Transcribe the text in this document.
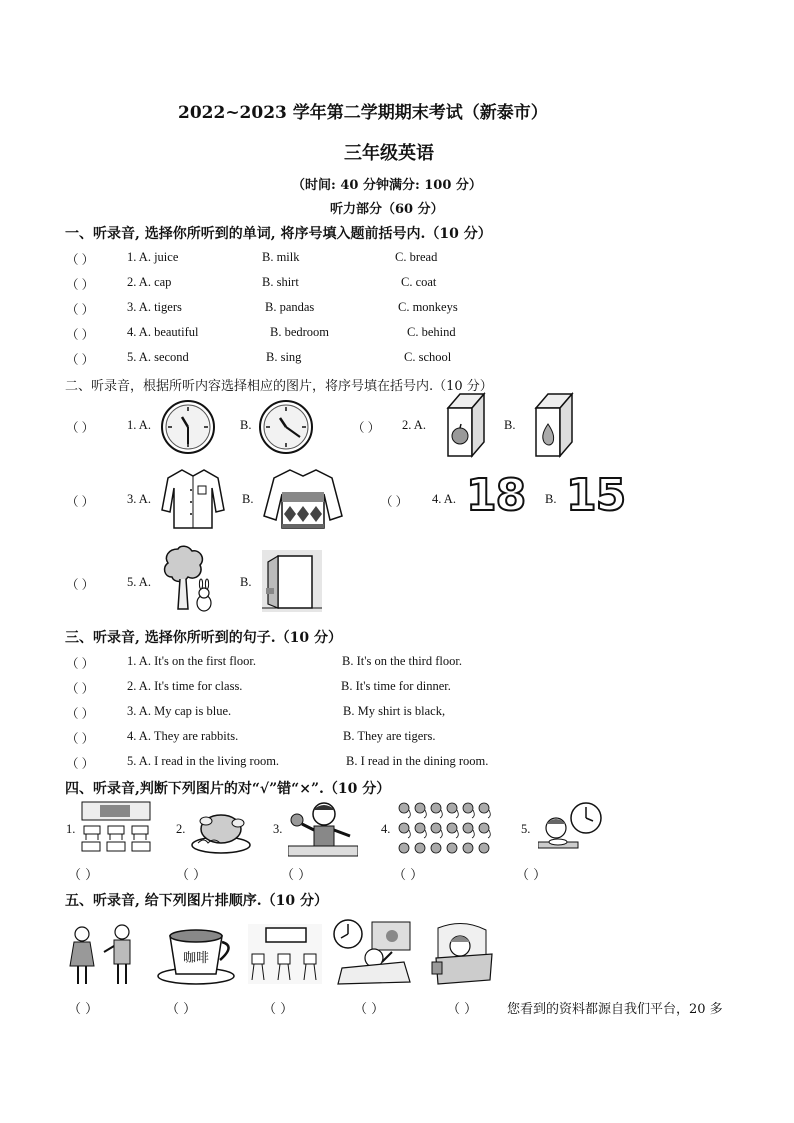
2022~2023 学年第二学期期末考试（新泰市）
三年级英语
（时间: 40 分钟满分: 100 分）
听力部分（60 分）
一、听录音, 选择你所听到的单词, 将序号填入题前括号内.（10 分）
（ ）	1. A. juice	B. milk	C. bread
（ ）	2. A. cap	B. shirt	C. coat
（ ）	3. A. tigers	B. pandas	C. monkeys
（ ）	4. A. beautiful	B. bedroom	C. behind
（ ）	5. A. second	B. sing	C. school
二、听录音，根据所听内容选择相应的图片，将序号填在括号内.（10 分）
（ ）	1. A.	B.	（ ） 2. A.	B.
（ ）	3. A.	B.	（ ） 4. A. 18 B. 15
（ ）	5. A.	B.
三、听录音, 选择你所听到的句子.（10 分）
（ ）	1. A. It's on the first floor.	B. It's on the third floor.
（ ）	2. A. It's time for class.	B. It's time for dinner.
（ ）	3. A. My cap is blue.	B. My shirt is black,
（ ）	4. A. They are rabbits.	B. They are tigers.
（ ）	5. A. I read in the living room.	B. I read in the dining room.
四、听录音,判断下列图片的对“√”错“×”.（10 分）
1.	2.	3.	4.	5.
（ ）	（ ）	（ ）	（ ）	（ ）
五、听录音, 给下列图片排顺序.（10 分）
咖啡
（ ）	（ ）	（ ）	（ ）	（ ） 您看到的资料都源自我们平台，20 多
